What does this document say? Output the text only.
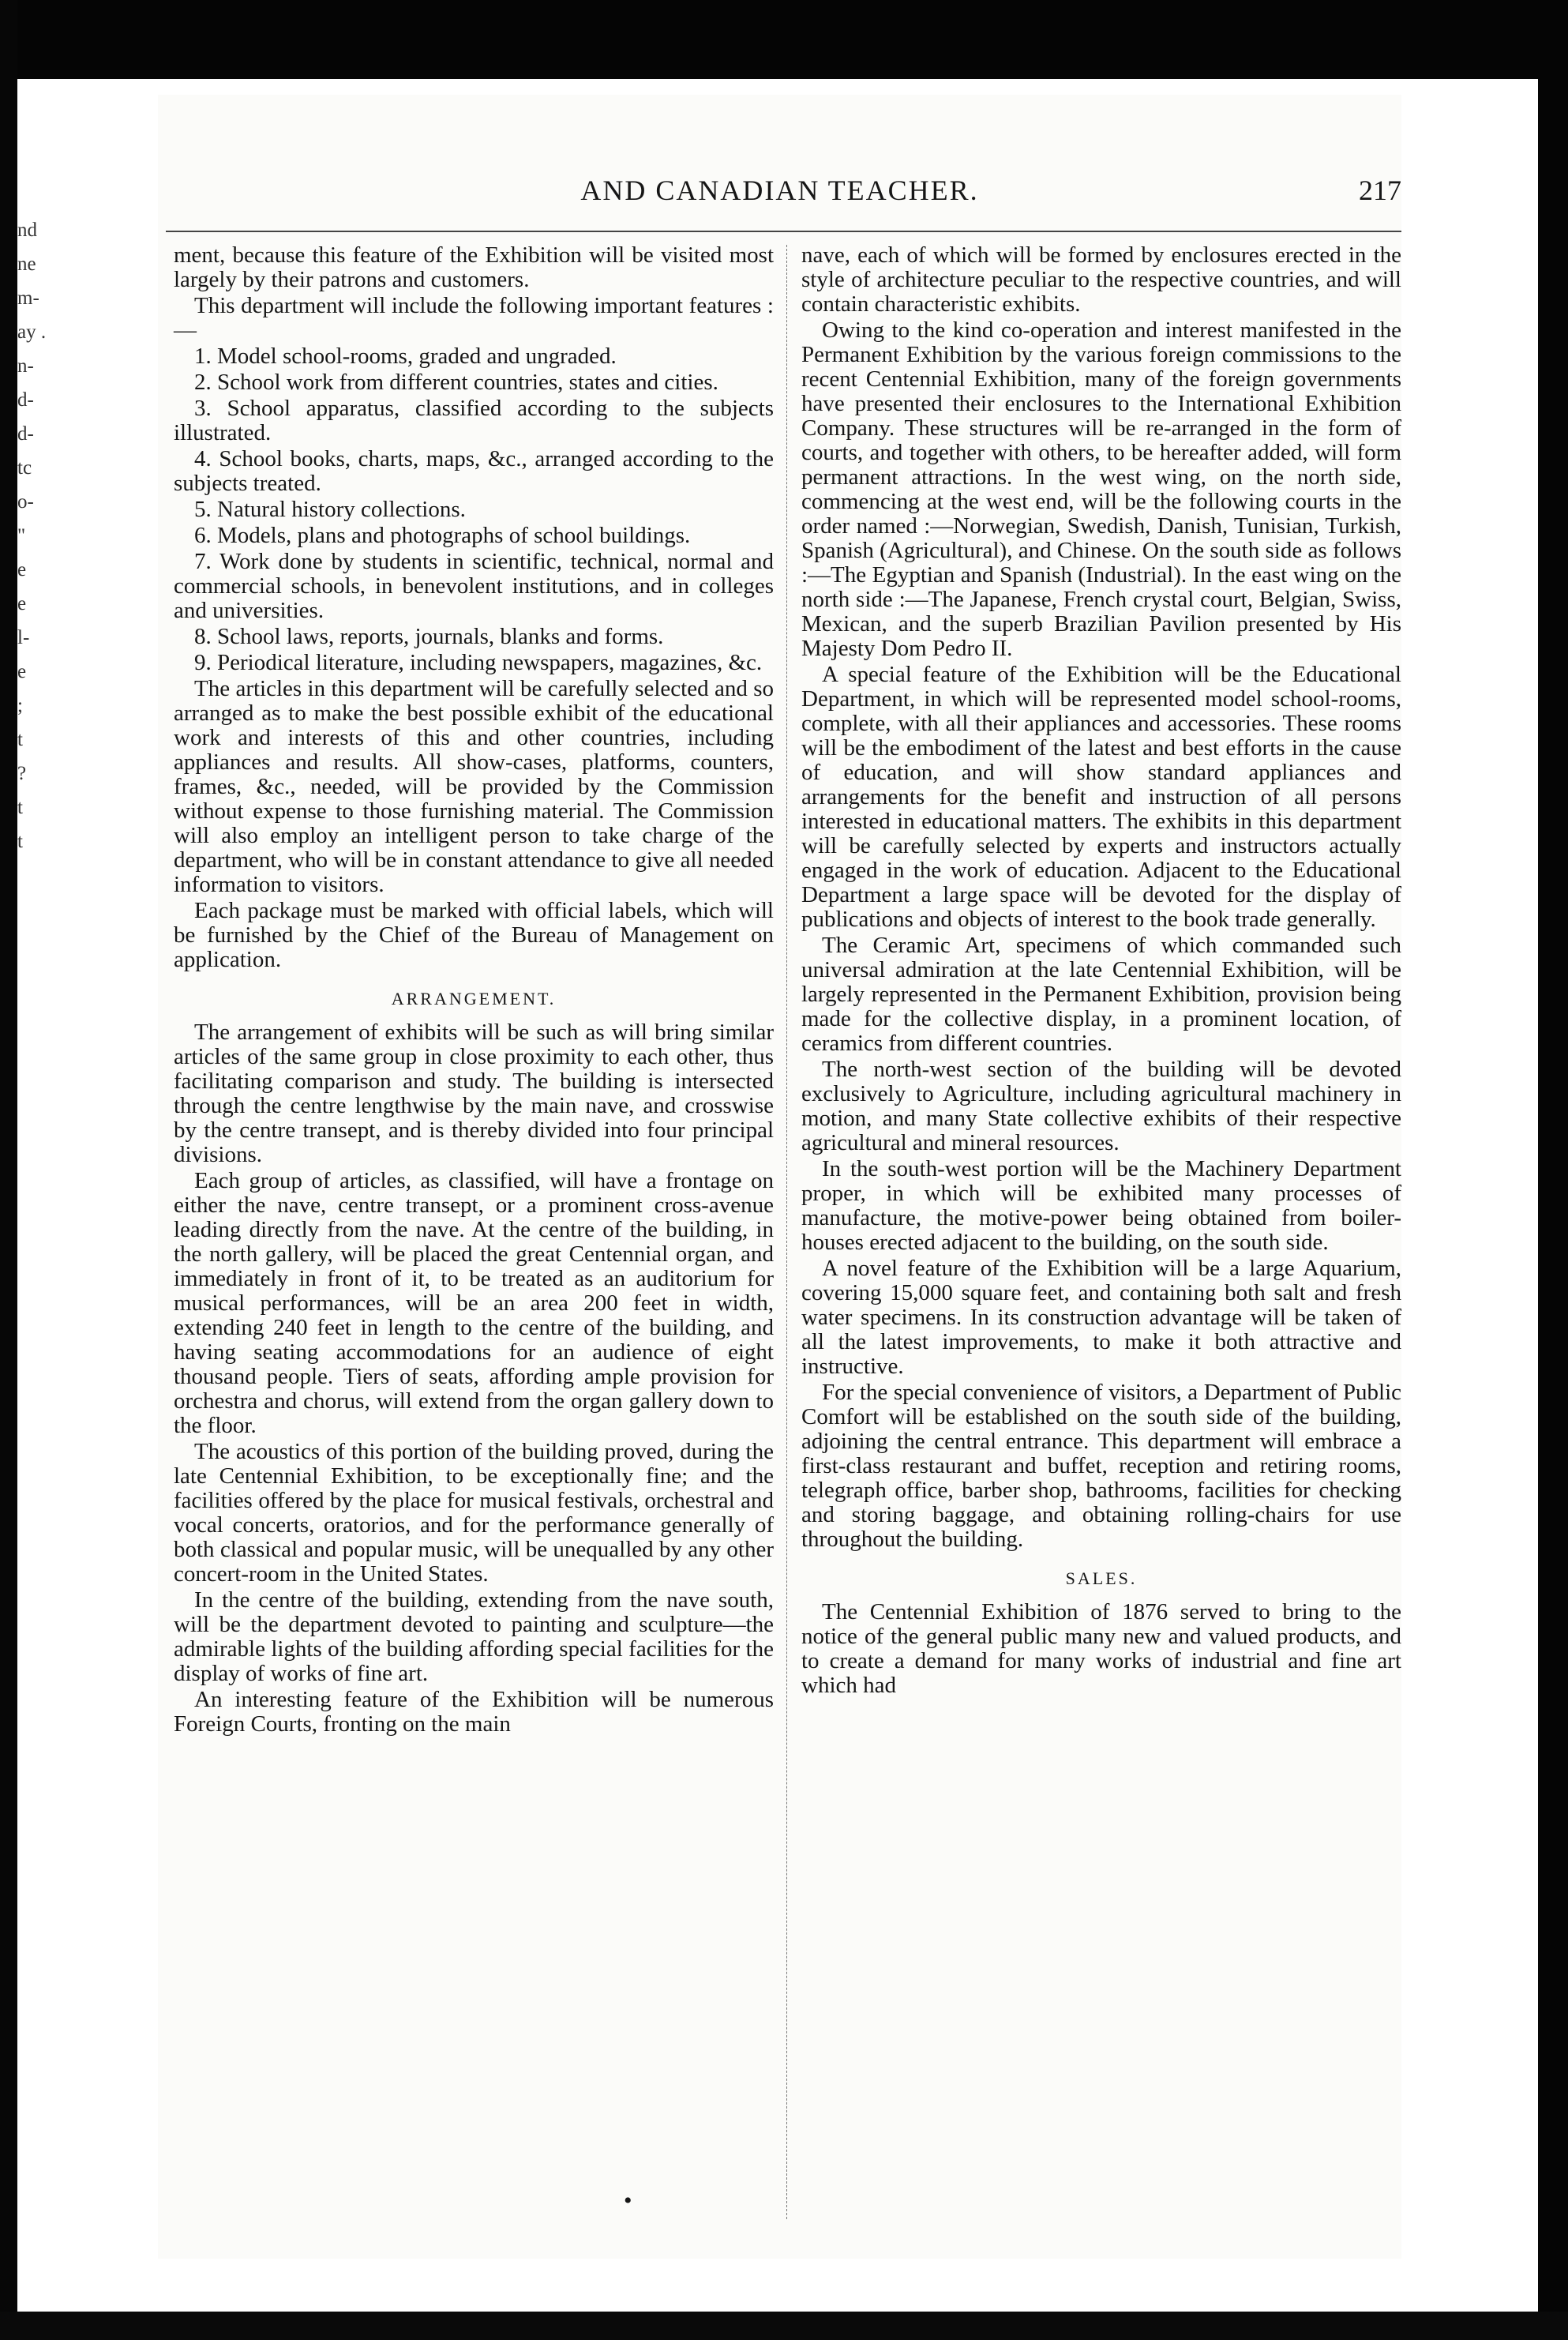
nd
ne
m-
ay .
n-
d-
d-
tc
o-
"
e
e
l-
e
;
t
?
t
t
AND CANADIAN TEACHER.	217

ment, because this feature of the Exhibition will be visited most largely by their patrons and customers.

This department will include the following important features :—

1. Model school-rooms, graded and ungraded.

2. School work from different countries, states and cities.

3. School apparatus, classified according to the subjects illustrated.

4. School books, charts, maps, &c., arranged according to the subjects treated.

5. Natural history collections.

6. Models, plans and photographs of school buildings.

7. Work done by students in scientific, technical, normal and commercial schools, in benevolent institutions, and in colleges and universities.

8. School laws, reports, journals, blanks and forms.

9. Periodical literature, including newspapers, magazines, &c.

The articles in this department will be carefully selected and so arranged as to make the best possible exhibit of the educational work and interests of this and other countries, including appliances and results. All show-cases, platforms, counters, frames, &c., needed, will be provided by the Commission without expense to those furnishing material. The Commission will also employ an intelligent person to take charge of the department, who will be in constant attendance to give all needed information to visitors.

Each package must be marked with official labels, which will be furnished by the Chief of the Bureau of Management on application.

ARRANGEMENT.

The arrangement of exhibits will be such as will bring similar articles of the same group in close proximity to each other, thus facilitating comparison and study. The building is intersected through the centre lengthwise by the main nave, and crosswise by the centre transept, and is thereby divided into four principal divisions.

Each group of articles, as classified, will have a frontage on either the nave, centre transept, or a prominent cross-avenue leading directly from the nave. At the centre of the building, in the north gallery, will be placed the great Centennial organ, and immediately in front of it, to be treated as an auditorium for musical performances, will be an area 200 feet in width, extending 240 feet in length to the centre of the building, and having seating accommodations for an audience of eight thousand people. Tiers of seats, affording ample provision for orchestra and chorus, will extend from the organ gallery down to the floor.

The acoustics of this portion of the building proved, during the late Centennial Exhibition, to be exceptionally fine; and the facilities offered by the place for musical festivals, orchestral and vocal concerts, oratorios, and for the performance generally of both classical and popular music, will be unequalled by any other concert-room in the United States.

In the centre of the building, extending from the nave south, will be the department devoted to painting and sculpture—the admirable lights of the building affording special facilities for the display of works of fine art.

An interesting feature of the Exhibition will be numerous Foreign Courts, fronting on the main

nave, each of which will be formed by enclosures erected in the style of architecture peculiar to the respective countries, and will contain characteristic exhibits.

Owing to the kind co-operation and interest manifested in the Permanent Exhibition by the various foreign commissions to the recent Centennial Exhibition, many of the foreign governments have presented their enclosures to the International Exhibition Company. These structures will be re-arranged in the form of courts, and together with others, to be hereafter added, will form permanent attractions. In the west wing, on the north side, commencing at the west end, will be the following courts in the order named :—Norwegian, Swedish, Danish, Tunisian, Turkish, Spanish (Agricultural), and Chinese. On the south side as follows :—The Egyptian and Spanish (Industrial). In the east wing on the north side :—The Japanese, French crystal court, Belgian, Swiss, Mexican, and the superb Brazilian Pavilion presented by His Majesty Dom Pedro II.

A special feature of the Exhibition will be the Educational Department, in which will be represented model school-rooms, complete, with all their appliances and accessories. These rooms will be the embodiment of the latest and best efforts in the cause of education, and will show standard appliances and arrangements for the benefit and instruction of all persons interested in educational matters. The exhibits in this department will be carefully selected by experts and instructors actually engaged in the work of education. Adjacent to the Educational Department a large space will be devoted for the display of publications and objects of interest to the book trade generally.

The Ceramic Art, specimens of which commanded such universal admiration at the late Centennial Exhibition, will be largely represented in the Permanent Exhibition, provision being made for the collective display, in a prominent location, of ceramics from different countries.

The north-west section of the building will be devoted exclusively to Agriculture, including agricultural machinery in motion, and many State collective exhibits of their respective agricultural and mineral resources.

In the south-west portion will be the Machinery Department proper, in which will be exhibited many processes of manufacture, the motive-power being obtained from boiler-houses erected adjacent to the building, on the south side.

A novel feature of the Exhibition will be a large Aquarium, covering 15,000 square feet, and containing both salt and fresh water specimens. In its construction advantage will be taken of all the latest improvements, to make it both attractive and instructive.

For the special convenience of visitors, a Department of Public Comfort will be established on the south side of the building, adjoining the central entrance. This department will embrace a first-class restaurant and buffet, reception and retiring rooms, telegraph office, barber shop, bathrooms, facilities for checking and storing baggage, and obtaining rolling-chairs for use throughout the building.

SALES.

The Centennial Exhibition of 1876 served to bring to the notice of the general public many new and valued products, and to create a demand for many works of industrial and fine art which had

•
